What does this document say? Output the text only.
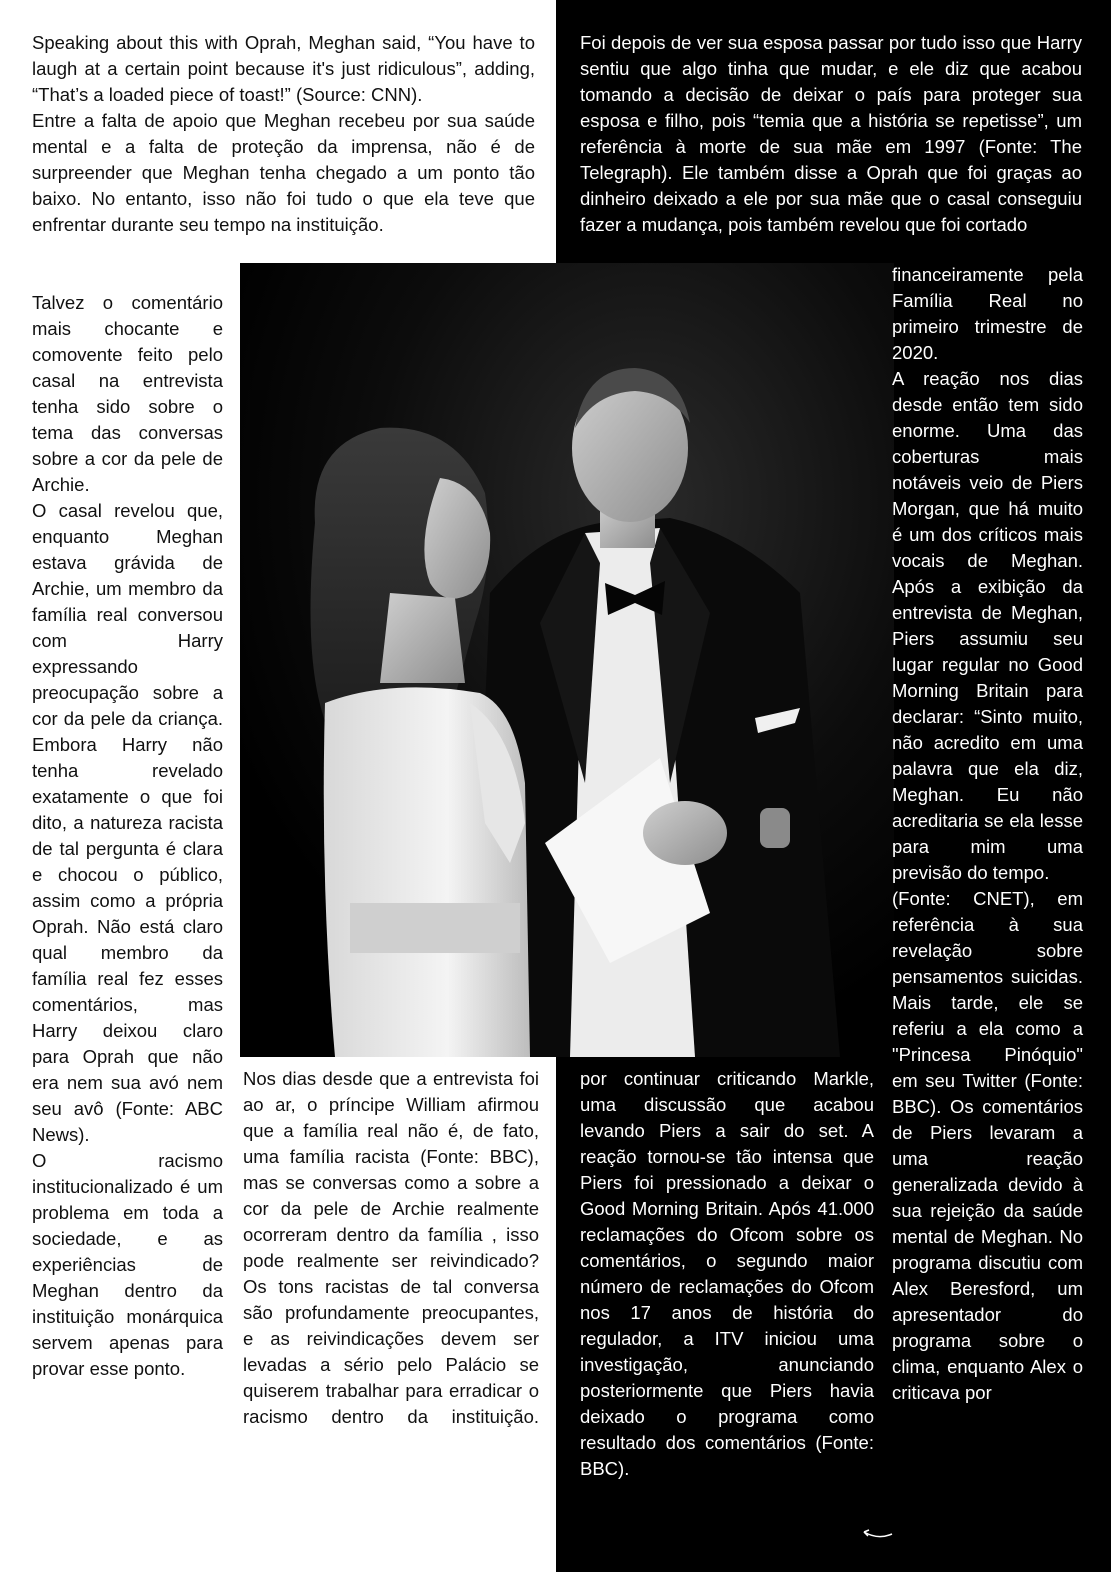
Speaking about this with Oprah, Meghan said, “You have to laugh at a certain point because it's just ridiculous”, adding, “That’s a loaded piece of toast!” (Source: CNN).

Entre a falta de apoio que Meghan recebeu por sua saúde mental e a falta de proteção da imprensa, não é de surpreender que Meghan tenha chegado a um ponto tão baixo. No entanto, isso não foi tudo o que ela teve que enfrentar durante seu tempo na instituição.

Talvez o comentário mais chocante e comovente feito pelo casal na entrevista tenha sido sobre o tema das conversas sobre a cor da pele de Archie.

O casal revelou que, enquanto Meghan estava grávida de Archie, um membro da família real conversou com Harry expressando preocupação sobre a cor da pele da criança. Embora Harry não tenha revelado exatamente o que foi dito, a natureza racista de tal pergunta é clara e chocou o público, assim como a própria Oprah. Não está claro qual membro da família real fez esses comentários, mas Harry deixou claro para Oprah que não era nem sua avó nem seu avô (Fonte: ABC News).

O racismo institucionalizado é um problema em toda a sociedade, e as experiências de Meghan dentro da instituição monárquica servem apenas para provar esse ponto.

Nos dias desde que a entrevista foi ao ar, o príncipe William afirmou que a família real não é, de fato, uma família racista (Fonte: BBC), mas se conversas como a sobre a cor da pele de Archie realmente ocorreram dentro da família , isso pode realmente ser reivindicado? Os tons racistas de tal conversa são profundamente preocupantes, e as reivindicações devem ser levadas a sério pelo Palácio se quiserem trabalhar para erradicar o racismo dentro da instituição.

Foi depois de ver sua esposa passar por tudo isso que Harry sentiu que algo tinha que mudar, e ele diz que acabou tomando a decisão de deixar o país para proteger sua esposa e filho, pois “temia que a história se repetisse”, um referência à morte de sua mãe em 1997 (Fonte: The Telegraph). Ele também disse a Oprah que foi graças ao dinheiro deixado a ele por sua mãe que o casal conseguiu fazer a mudança, pois também revelou que foi cortado

financeiramente pela Família Real no primeiro trimestre de 2020.

A reação nos dias desde então tem sido enorme. Uma das coberturas mais notáveis veio de Piers Morgan, que há muito é um dos críticos mais vocais de Meghan. Após a exibição da entrevista de Meghan, Piers assumiu seu lugar regular no Good Morning Britain para declarar: “Sinto muito, não acredito em uma palavra que ela diz, Meghan. Eu não acreditaria se ela lesse para mim uma previsão do tempo.

(Fonte: CNET), em referência à sua revelação sobre pensamentos suicidas. Mais tarde, ele se referiu a ela como a "Princesa Pinóquio" em seu Twitter (Fonte: BBC). Os comentários de Piers levaram a uma reação generalizada devido à sua rejeição da saúde mental de Meghan. No programa discutiu com Alex Beresford, um apresentador do programa sobre o clima, enquanto Alex o criticava por

por continuar criticando Markle, uma discussão que acabou levando Piers a sair do set. A reação tornou-se tão intensa que Piers foi pressionado a deixar o Good Morning Britain. Após 41.000 reclamações do Ofcom sobre os comentários, o segundo maior número de reclamações do Ofcom nos 17 anos de história do regulador, a ITV iniciou uma investigação, anunciando posteriormente que Piers havia deixado o programa como resultado dos comentários (Fonte: BBC).
